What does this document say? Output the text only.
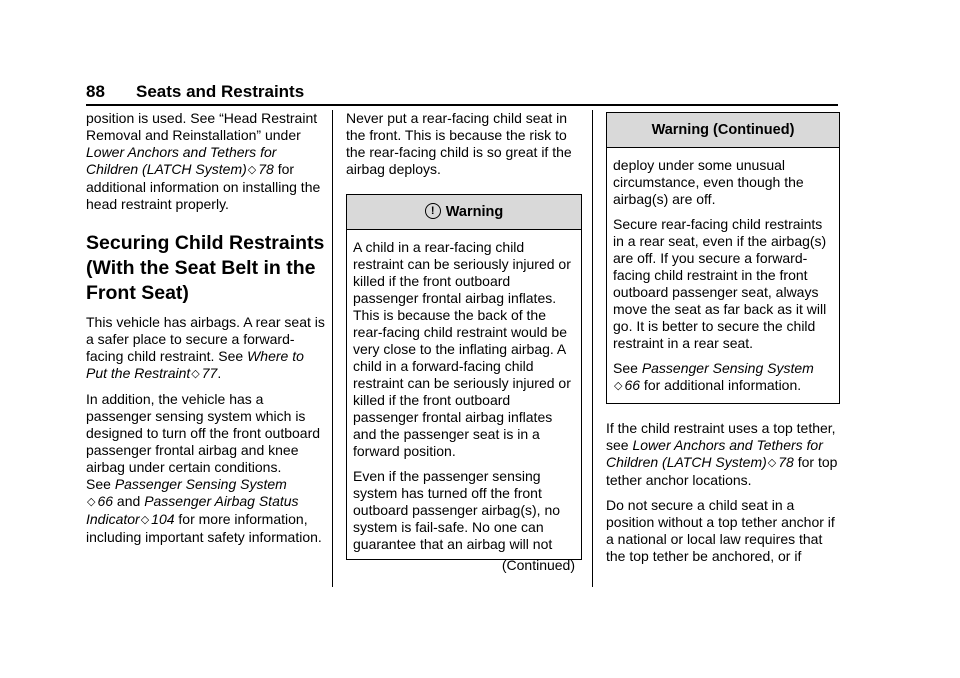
88 Seats and Restraints

position is used. See “Head Restraint Removal and Reinstallation” under Lower Anchors and Tethers for Children (LATCH System)◇ 78 for additional information on installing the head restraint properly.

Securing Child Restraints (With the Seat Belt in the Front Seat)

This vehicle has airbags. A rear seat is a safer place to secure a forward-facing child restraint. See Where to Put the Restraint◇ 77.

In addition, the vehicle has a passenger sensing system which is designed to turn off the front outboard passenger frontal airbag and knee airbag under certain conditions.
See Passenger Sensing System
◇ 66 and Passenger Airbag Status Indicator◇ 104 for more information, including important safety information.

Never put a rear-facing child seat in the front. This is because the risk to the rear-facing child is so great if the airbag deploys.

! Warning

A child in a rear-facing child restraint can be seriously injured or killed if the front outboard passenger frontal airbag inflates. This is because the back of the rear-facing child restraint would be very close to the inflating airbag. A child in a forward-facing child restraint can be seriously injured or killed if the front outboard passenger frontal airbag inflates and the passenger seat is in a forward position.

Even if the passenger sensing system has turned off the front outboard passenger airbag(s), no system is fail-safe. No one can guarantee that an airbag will not

(Continued)
Warning (Continued)

deploy under some unusual circumstance, even though the airbag(s) are off.

Secure rear-facing child restraints in a rear seat, even if the airbag(s) are off. If you secure a forward-facing child restraint in the front outboard passenger seat, always move the seat as far back as it will go. It is better to secure the child restraint in a rear seat.

See Passenger Sensing System
◇ 66 for additional information.

If the child restraint uses a top tether, see Lower Anchors and Tethers for Children (LATCH System)◇ 78 for top tether anchor locations.

Do not secure a child seat in a position without a top tether anchor if a national or local law requires that the top tether be anchored, or if
